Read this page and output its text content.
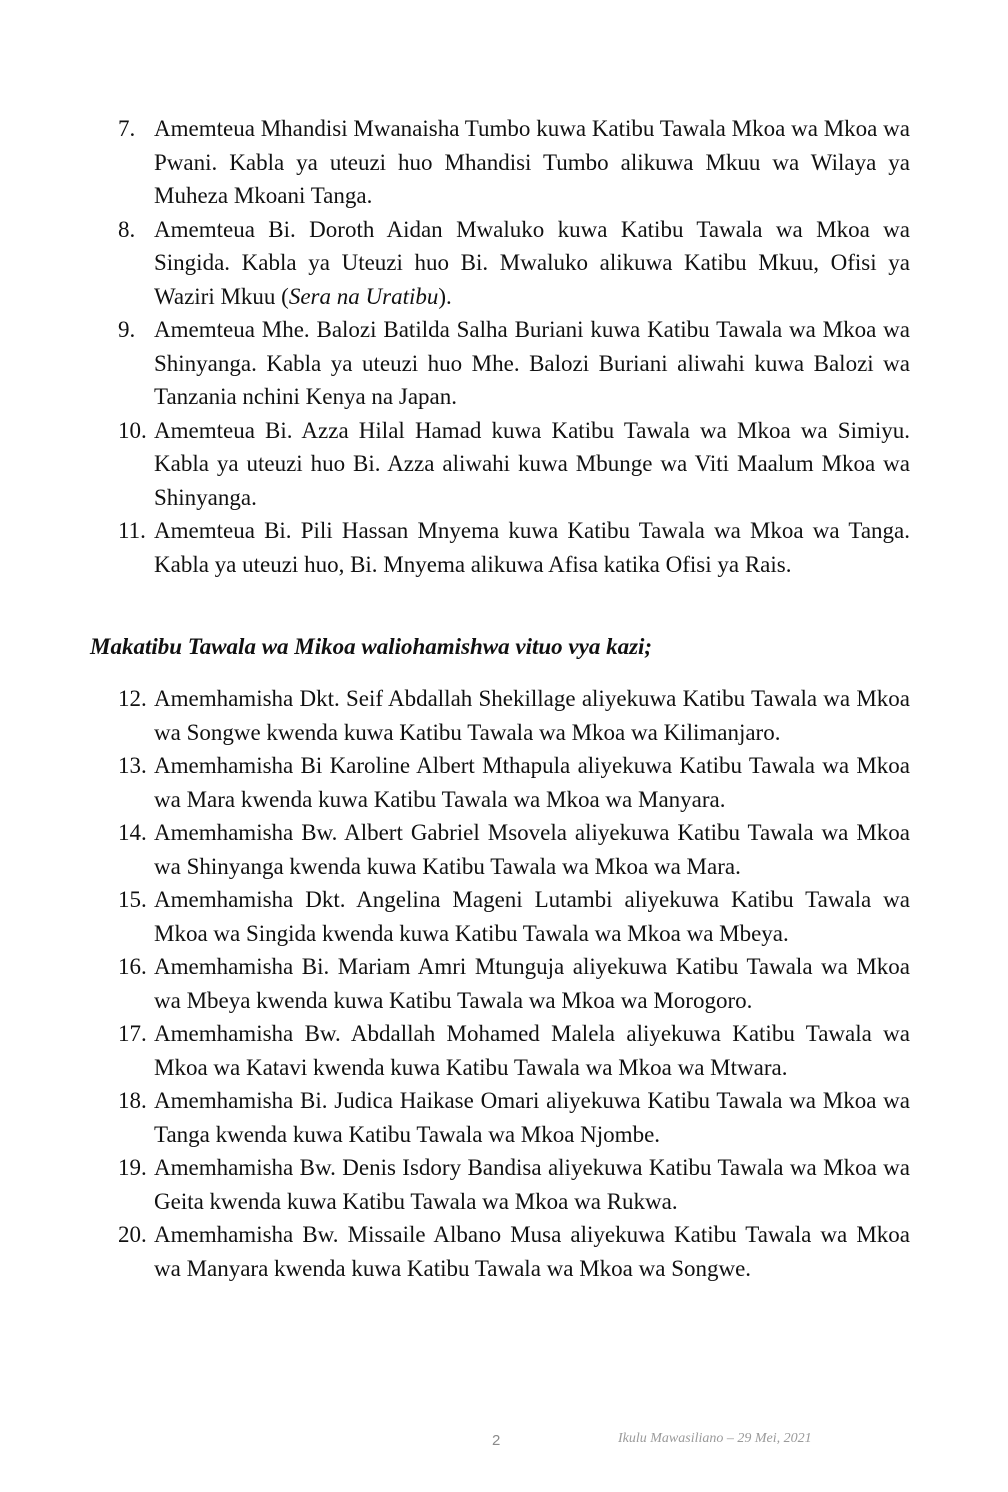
7. Amemteua Mhandisi Mwanaisha Tumbo kuwa Katibu Tawala Mkoa wa Mkoa wa Pwani. Kabla ya uteuzi huo Mhandisi Tumbo alikuwa Mkuu wa Wilaya ya Muheza Mkoani Tanga.
8. Amemteua Bi. Doroth Aidan Mwaluko kuwa Katibu Tawala wa Mkoa wa Singida. Kabla ya Uteuzi huo Bi. Mwaluko alikuwa Katibu Mkuu, Ofisi ya Waziri Mkuu (Sera na Uratibu).
9. Amemteua Mhe. Balozi Batilda Salha Buriani kuwa Katibu Tawala wa Mkoa wa Shinyanga. Kabla ya uteuzi huo Mhe. Balozi Buriani aliwahi kuwa Balozi wa Tanzania nchini Kenya na Japan.
10. Amemteua Bi. Azza Hilal Hamad kuwa Katibu Tawala wa Mkoa wa Simiyu. Kabla ya uteuzi huo Bi. Azza aliwahi kuwa Mbunge wa Viti Maalum Mkoa wa Shinyanga.
11. Amemteua Bi. Pili Hassan Mnyema kuwa Katibu Tawala wa Mkoa wa Tanga. Kabla ya uteuzi huo, Bi. Mnyema alikuwa Afisa katika Ofisi ya Rais.
Makatibu Tawala wa Mikoa waliohamishwa vituo vya kazi;
12. Amemhamisha Dkt. Seif Abdallah Shekillage aliyekuwa Katibu Tawala wa Mkoa wa Songwe kwenda kuwa Katibu Tawala wa Mkoa wa Kilimanjaro.
13. Amemhamisha Bi Karoline Albert Mthapula aliyekuwa Katibu Tawala wa Mkoa wa Mara kwenda kuwa Katibu Tawala wa Mkoa wa Manyara.
14. Amemhamisha Bw. Albert Gabriel Msovela aliyekuwa Katibu Tawala wa Mkoa wa Shinyanga kwenda kuwa Katibu Tawala wa Mkoa wa Mara.
15. Amemhamisha Dkt. Angelina Mageni Lutambi aliyekuwa Katibu Tawala wa Mkoa wa Singida kwenda kuwa Katibu Tawala wa Mkoa wa Mbeya.
16. Amemhamisha Bi. Mariam Amri Mtunguja aliyekuwa Katibu Tawala wa Mkoa wa Mbeya kwenda kuwa Katibu Tawala wa Mkoa wa Morogoro.
17. Amemhamisha Bw. Abdallah Mohamed Malela aliyekuwa Katibu Tawala wa Mkoa wa Katavi kwenda kuwa Katibu Tawala wa Mkoa wa Mtwara.
18. Amemhamisha Bi. Judica Haikase Omari aliyekuwa Katibu Tawala wa Mkoa wa Tanga kwenda kuwa Katibu Tawala wa Mkoa Njombe.
19. Amemhamisha Bw. Denis Isdory Bandisa aliyekuwa Katibu Tawala wa Mkoa wa Geita kwenda kuwa Katibu Tawala wa Mkoa wa Rukwa.
20. Amemhamisha Bw. Missaile Albano Musa aliyekuwa Katibu Tawala wa Mkoa wa Manyara kwenda kuwa Katibu Tawala wa Mkoa wa Songwe.
2	Ikulu Mawasiliano – 29 Mei, 2021
